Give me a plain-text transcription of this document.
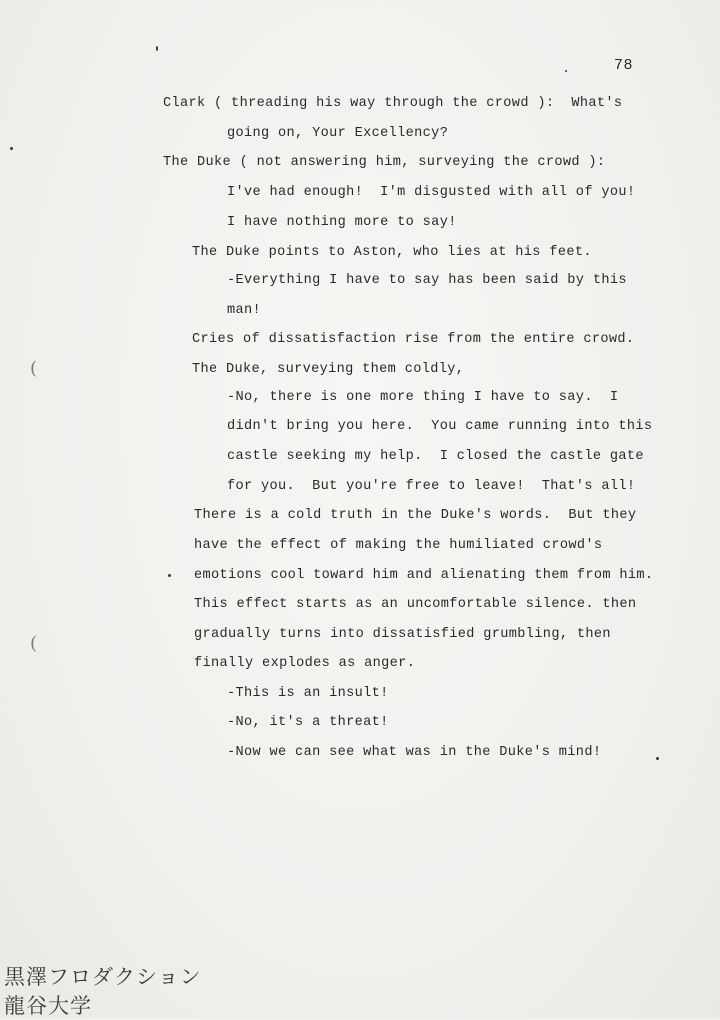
78
Clark ( threading his way through the crowd ):  What's
going on, Your Excellency?
The Duke ( not answering him, surveying the crowd ):
I've had enough!  I'm disgusted with all of you!
I have nothing more to say!
The Duke points to Aston, who lies at his feet.
-Everything I have to say has been said by this
man!
Cries of dissatisfaction rise from the entire crowd.
The Duke, surveying them coldly,
-No, there is one more thing I have to say.  I
didn't bring you here.  You came running into this
castle seeking my help.  I closed the castle gate
for you.  But you're free to leave!  That's all!
There is a cold truth in the Duke's words.  But they
have the effect of making the humiliated crowd's
emotions cool toward him and alienating them from him.
This effect starts as an uncomfortable silence. then
gradually turns into dissatisfied grumbling, then
finally explodes as anger.
-This is an insult!
-No, it's a threat!
-Now we can see what was in the Duke's mind!
(
(
黒澤フロダクション
龍谷大学
